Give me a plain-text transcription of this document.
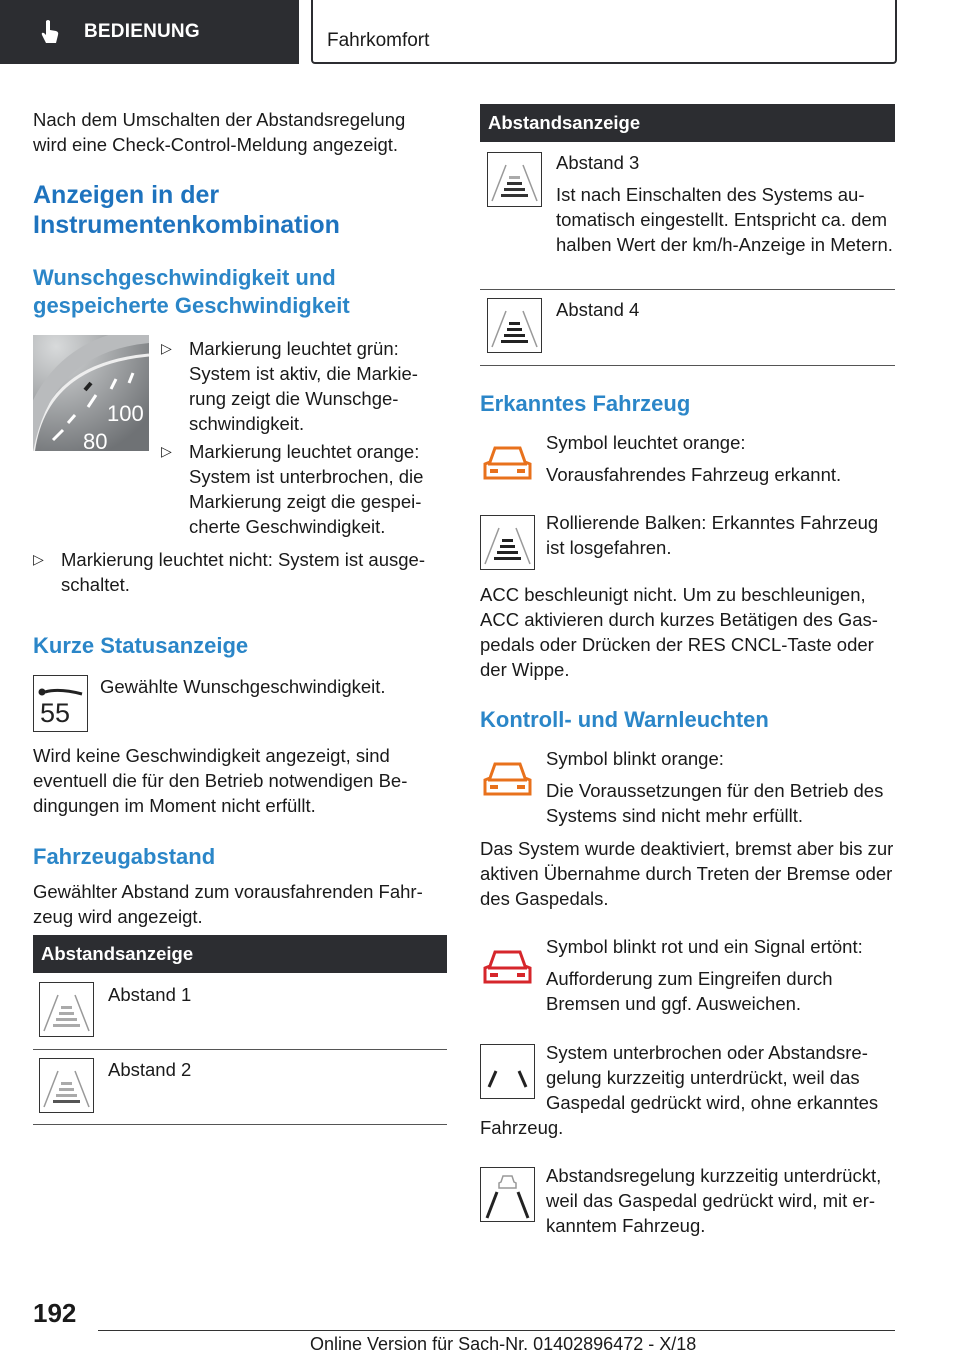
BEDIENUNG	Fahrkomfort

Nach dem Umschalten der Abstandsregelung wird eine Check-Control-Meldung angezeigt.

Anzeigen in der Instrumentenkombination
Wunschgeschwindigkeit und gespeicherte Geschwindigkeit
100
80
▷ Markierung leuchtet grün: System ist aktiv, die Markierung zeigt die Wunschgeschwindigkeit.
▷ Markierung leuchtet orange: System ist unterbrochen, die Markierung zeigt die gespeicherte Geschwindigkeit.
▷ Markierung leuchtet nicht: System ist ausgeschaltet.
Kurze Statusanzeige
55

Gewählte Wunschgeschwindigkeit.

Wird keine Geschwindigkeit angezeigt, sind eventuell die für den Betrieb notwendigen Bedingungen im Moment nicht erfüllt.

Fahrzeugabstand

Gewählter Abstand zum vorausfahrenden Fahrzeug wird angezeigt.

Abstandsanzeige

Abstand 1

Abstand 2

Abstandsanzeige

Abstand 3

Ist nach Einschalten des Systems automatisch eingestellt. Entspricht ca. dem halben Wert der km/h-Anzeige in Metern.

Abstand 4

Erkanntes Fahrzeug

Symbol leuchtet orange:

Vorausfahrendes Fahrzeug erkannt.

Rollierende Balken: Erkanntes Fahrzeug ist losgefahren.

ACC beschleunigt nicht. Um zu beschleunigen, ACC aktivieren durch kurzes Betätigen des Gaspedals oder Drücken der RES CNCL-Taste oder der Wippe.

Kontroll- und Warnleuchten

Symbol blinkt orange:

Die Voraussetzungen für den Betrieb des Systems sind nicht mehr erfüllt.

Das System wurde deaktiviert, bremst aber bis zur aktiven Übernahme durch Treten der Bremse oder des Gaspedals.

Symbol blinkt rot und ein Signal ertönt:

Aufforderung zum Eingreifen durch Bremsen und ggf. Ausweichen.

System unterbrochen oder Abstandsregelung kurzzeitig unterdrückt, weil das Gaspedal gedrückt wird, ohne erkanntes

Fahrzeug.

Abstandsregelung kurzzeitig unterdrückt, weil das Gaspedal gedrückt wird, mit erkanntem Fahrzeug.

192
Online Version für Sach-Nr. 01402896472 - X/18
